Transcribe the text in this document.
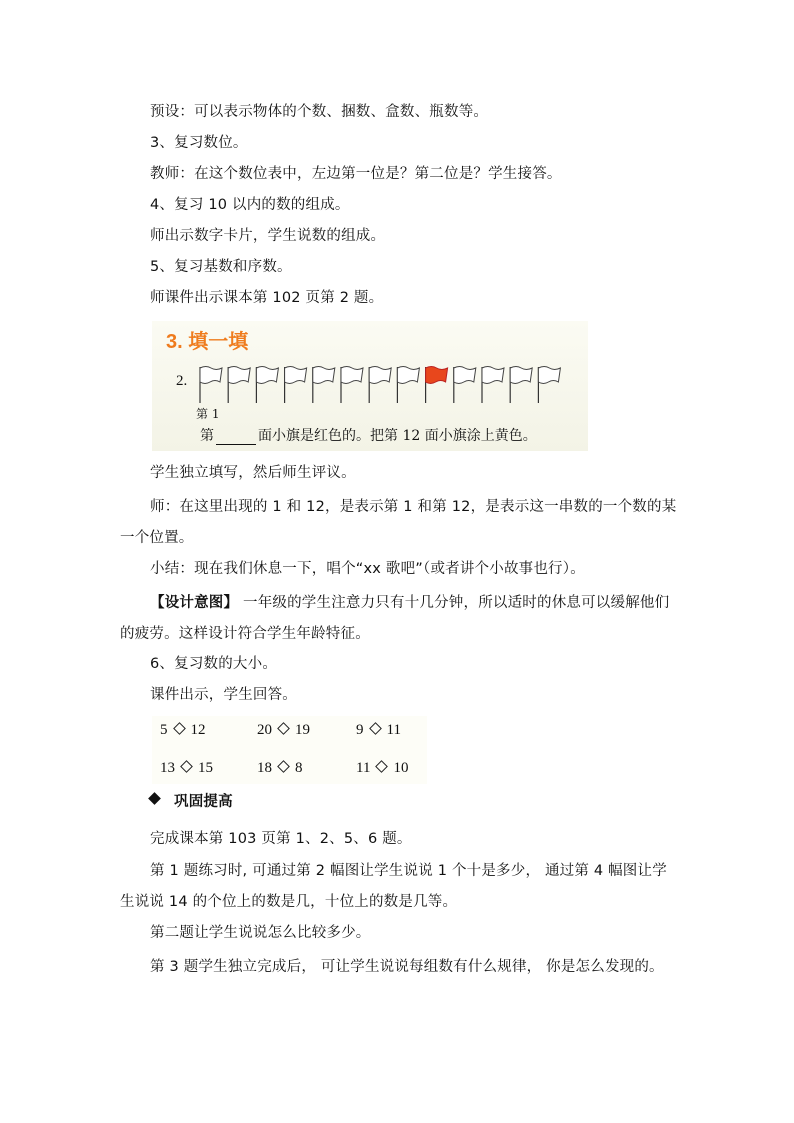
预设：可以表示物体的个数、捆数、盒数、瓶数等。
3、复习数位。
教师：在这个数位表中，左边第一位是？第二位是？学生接答。
4、复习 10 以内的数的组成。
师出示数字卡片，学生说数的组成。
5、复习基数和序数。
师课件出示课本第 102 页第 2 题。
3. 填一填
2.
第 1
第	面小旗是红色的。把第 12 面小旗涂上黄色。
学生独立填写，然后师生评议。
师：在这里出现的 1 和 12，是表示第 1 和第 12，是表示这一串数的一个数的某一个位置。
小结：现在我们休息一下，唱个“xx 歌吧”（或者讲个小故事也行）。
【设计意图】 一年级的学生注意力只有十几分钟，所以适时的休息可以缓解他们的疲劳。这样设计符合学生年龄特征。
6、复习数的大小。
课件出示，学生回答。
5 12	20 19	9 11
13 15	18 8	11 10
巩固提高
完成课本第 103 页第 1、2、5、6 题。
第 1 题练习时, 可通过第 2 幅图让学生说说 1 个十是多少， 通过第 4 幅图让学生说说 14 的个位上的数是几，十位上的数是几等。
第二题让学生说说怎么比较多少。
第 3 题学生独立完成后， 可让学生说说每组数有什么规律， 你是怎么发现的。
